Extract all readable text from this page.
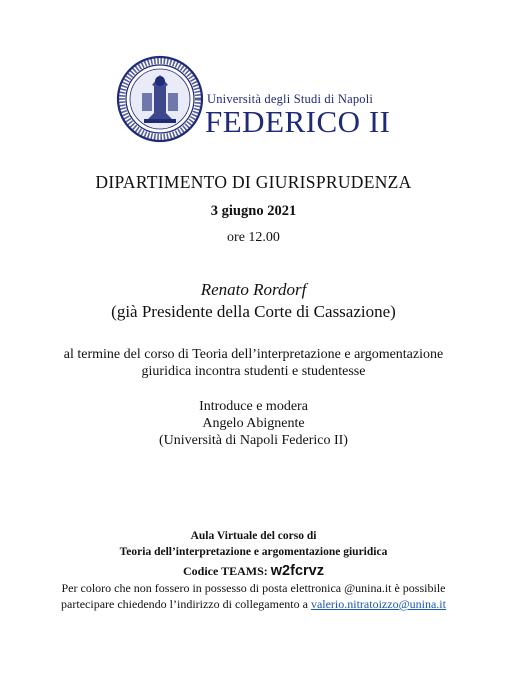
Università degli Studi di Napoli
FEDERICO II
DIPARTIMENTO DI GIURISPRUDENZA
3 giugno 2021
ore 12.00
Renato Rordorf
(già Presidente della Corte di Cassazione)
al termine del corso di Teoria dell’interpretazione e argomentazione
giuridica incontra studenti e studentesse
Introduce e modera
Angelo Abignente
(Università di Napoli Federico II)
Aula Virtuale del corso di
Teoria dell’interpretazione e argomentazione giuridica
Codice TEAMS: w2fcrvz
Per coloro che non fossero in possesso di posta elettronica @unina.it è possibile
partecipare chiedendo l’indirizzo di collegamento a valerio.nitratoizzo@unina.it
